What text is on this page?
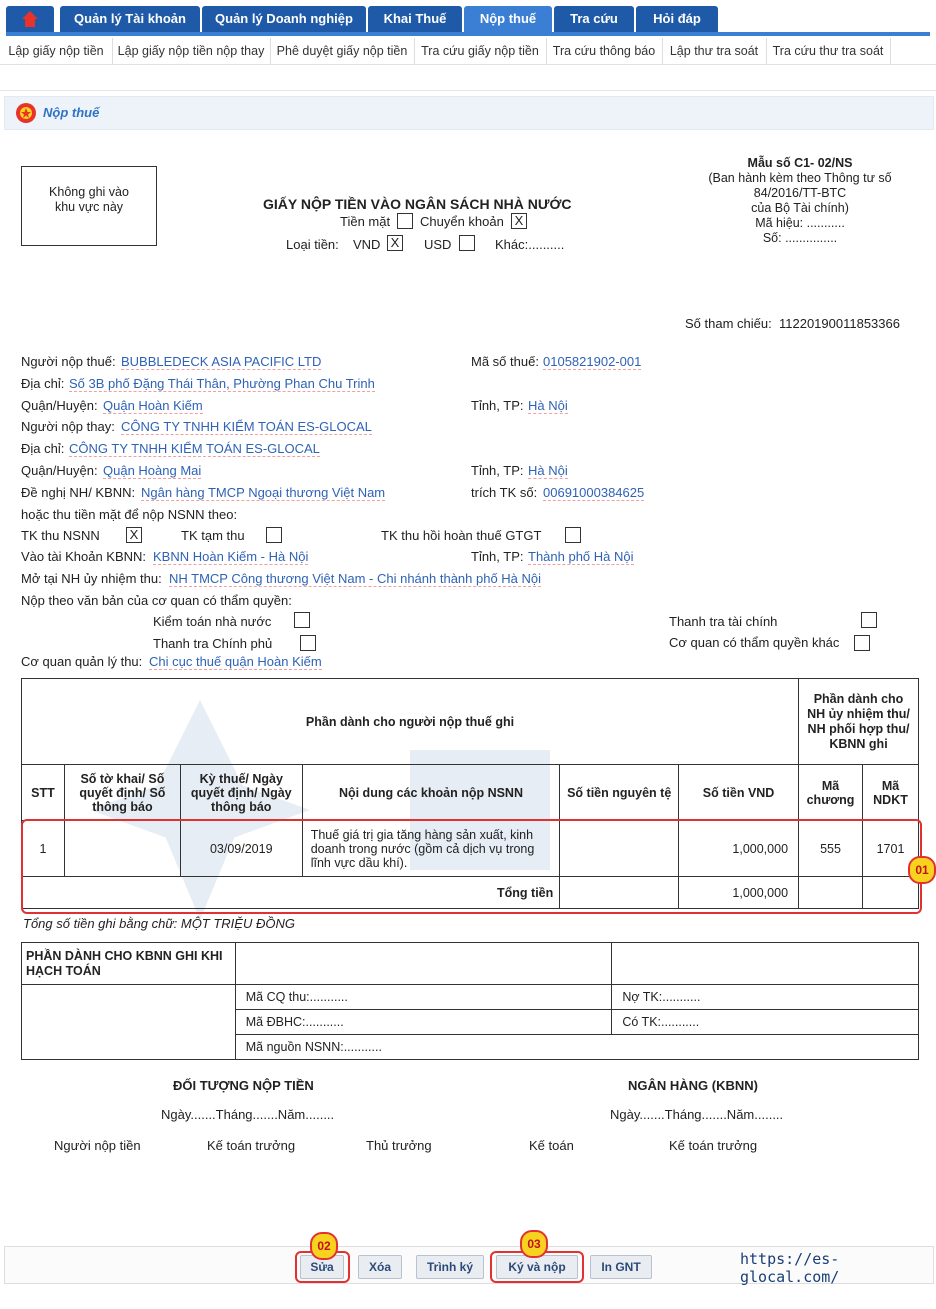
Quản lý Tài khoản	Quản lý Doanh nghiệp	Khai Thuế	Nộp thuế	Tra cứu	Hỏi đáp
Lập giấy nộp tiền	Lập giấy nộp tiền nộp thay Phê duyệt giấy nộp tiền	Tra cứu giấy nộp tiền	Tra cứu thông báo	Lập thư tra soát	Tra cứu thư tra soát
Nộp thuế
Không ghi vào
khu vực này	GIẤY NỘP TIỀN VÀO NGÂN SÁCH NHÀ NƯỚC
Tiền mặt Chuyển khoản X
Loại tiền: VND X USD	Khác:..........
Mẫu số C1- 02/NS
(Ban hành kèm theo Thông tư số
84/2016/TT-BTC
của Bộ Tài chính)
Mã hiệu: ...........
Số: ...............
Số tham chiếu: 11220190011853366
Người nộp thuế: BUBBLEDECK ASIA PACIFIC LTD	Mã số thuế: 0105821902-001
Địa chỉ: Số 3B phố Đặng Thái Thân, Phường Phan Chu Trinh
Quận/Huyện: Quận Hoàn Kiếm	Tỉnh, TP: Hà Nội
Người nộp thay: CÔNG TY TNHH KIỂM TOÁN ES-GLOCAL
Địa chỉ: CÔNG TY TNHH KIỂM TOÁN ES-GLOCAL
Quận/Huyện: Quận Hoàng Mai	Tỉnh, TP: Hà Nội
Đề nghị NH/ KBNN: Ngân hàng TMCP Ngoại thương Việt Nam	trích TK số: 00691000384625
hoặc thu tiền mặt để nộp NSNN theo:
TK thu NSNN X	TK tạm thu	TK thu hồi hoàn thuế GTGT
Vào tài Khoản KBNN: KBNN Hoàn Kiếm - Hà Nội	Tỉnh, TP: Thành phố Hà Nội
Mở tại NH ủy nhiệm thu: NH TMCP Công thương Việt Nam - Chi nhánh thành phố Hà Nội
Nộp theo văn bản của cơ quan có thẩm quyền:
Kiểm toán nhà nước	Thanh tra tài chính
Thanh tra Chính phủ	Cơ quan có thẩm quyền khác
Cơ quan quản lý thu: Chi cục thuế quận Hoàn Kiếm
Phần dành cho người nộp thuế ghi						Phần dành cho NH ủy nhiệm thu/ NH phối hợp thu/ KBNN ghi	
STT	Số tờ khai/ Số quyết định/ Số thông báo	Kỳ thuế/ Ngày quyết định/ Ngày thông báo	Nội dung các khoản nộp NSNN	Số tiền nguyên tệ	Số tiền VND	Mã chương	Mã NDKT
1		03/09/2019	Thuế giá trị gia tăng hàng sản xuất, kinh doanh trong nước (gồm cả dịch vụ trong lĩnh vực dầu khí).		1,000,000	555	1701
Tổng tiền					1,000,000		
01
Tổng số tiền ghi bằng chữ: MỘT TRIỆU ĐỒNG
PHẦN DÀNH CHO KBNN GHI KHI HẠCH TOÁN		
	Mã CQ thu:...........	Nợ TK:...........
	Mã ĐBHC:...........	Có TK:...........
	Mã nguồn NSNN:...........	
ĐỐI TƯỢNG NỘP TIỀN	NGÂN HÀNG (KBNN)
Ngày.......Tháng.......Năm........	Ngày.......Tháng.......Năm........
Người nộp tiền	Kế toán trưởng	Thủ trưởng	Kế toán	Kế toán trưởng
Sửa	Xóa	Trình ký	Ký và nộp	In GNT
02	03
https://es-glocal.com/
